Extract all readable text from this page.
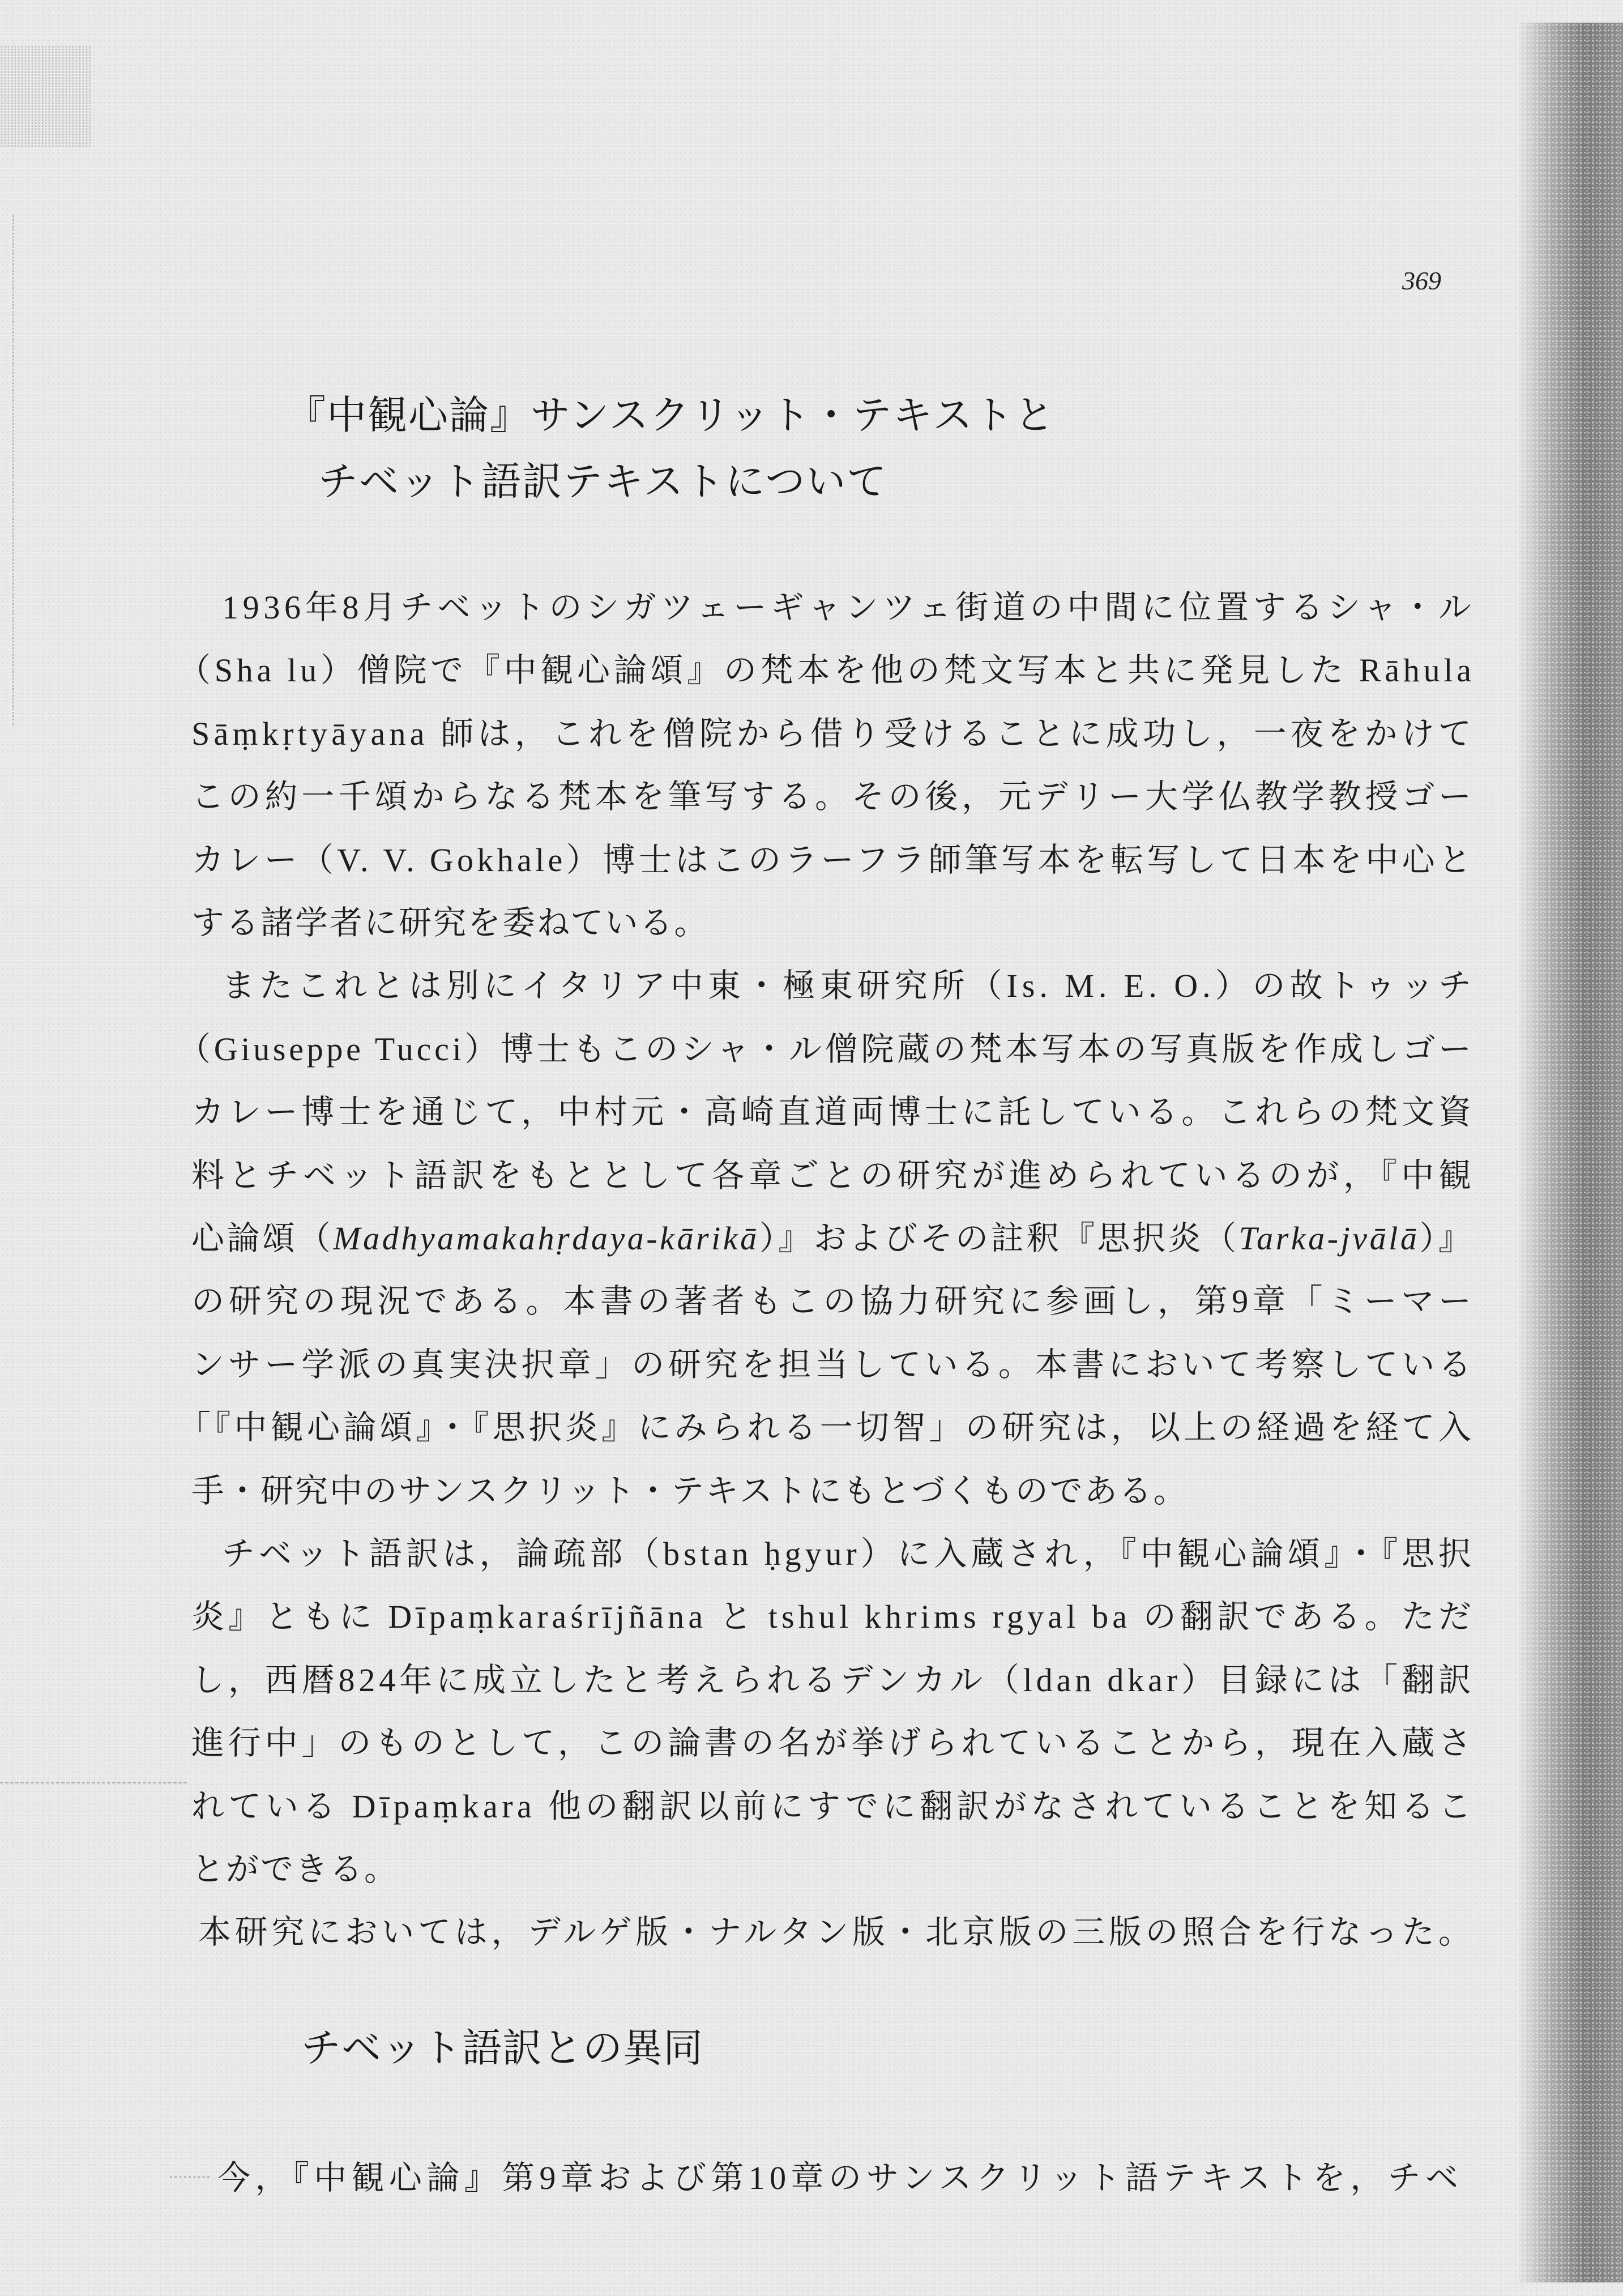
369
『中観心論』サンスクリット・テキストと
チベット語訳テキストについて
1936年8月チベットのシガツェーギャンツェ街道の中間に位置するシャ・ル
（Sha lu）僧院で『中観心論頌』の梵本を他の梵文写本と共に発見した Rāhula
Sāṃkṛtyāyana 師は，これを僧院から借り受けることに成功し，一夜をかけて
この約一千頌からなる梵本を筆写する。その後，元デリー大学仏教学教授ゴー
カレー（V. V. Gokhale）博士はこのラーフラ師筆写本を転写して日本を中心と
する諸学者に研究を委ねている。
またこれとは別にイタリア中東・極東研究所（Is. M. E. O.）の故トゥッチ
（Giuseppe Tucci）博士もこのシャ・ル僧院蔵の梵本写本の写真版を作成しゴー
カレー博士を通じて，中村元・高崎直道両博士に託している。これらの梵文資
料とチベット語訳をもととして各章ごとの研究が進められているのが，『中観
心論頌（Madhyamakahṛdaya-kārikā）』およびその註釈『思択炎（Tarka-jvālā）』
の研究の現況である。本書の著者もこの協力研究に参画し，第9章「ミーマー
ンサー学派の真実決択章」の研究を担当している。本書において考察している
「『中観心論頌』・『思択炎』にみられる一切智」の研究は，以上の経過を経て入
手・研究中のサンスクリット・テキストにもとづくものである。
チベット語訳は，論疏部（bstan ḥgyur）に入蔵され，『中観心論頌』・『思択
炎』ともに Dīpaṃkaraśrījñāna と tshul khrims rgyal ba の翻訳である。ただ
し，西暦824年に成立したと考えられるデンカル（ldan dkar）目録には「翻訳
進行中」のものとして，この論書の名が挙げられていることから，現在入蔵さ
れている Dīpaṃkara 他の翻訳以前にすでに翻訳がなされていることを知るこ
とができる。
本研究においては，デルゲ版・ナルタン版・北京版の三版の照合を行なった。
チベット語訳との異同
今，『中観心論』第9章および第10章のサンスクリット語テキストを，チベ
